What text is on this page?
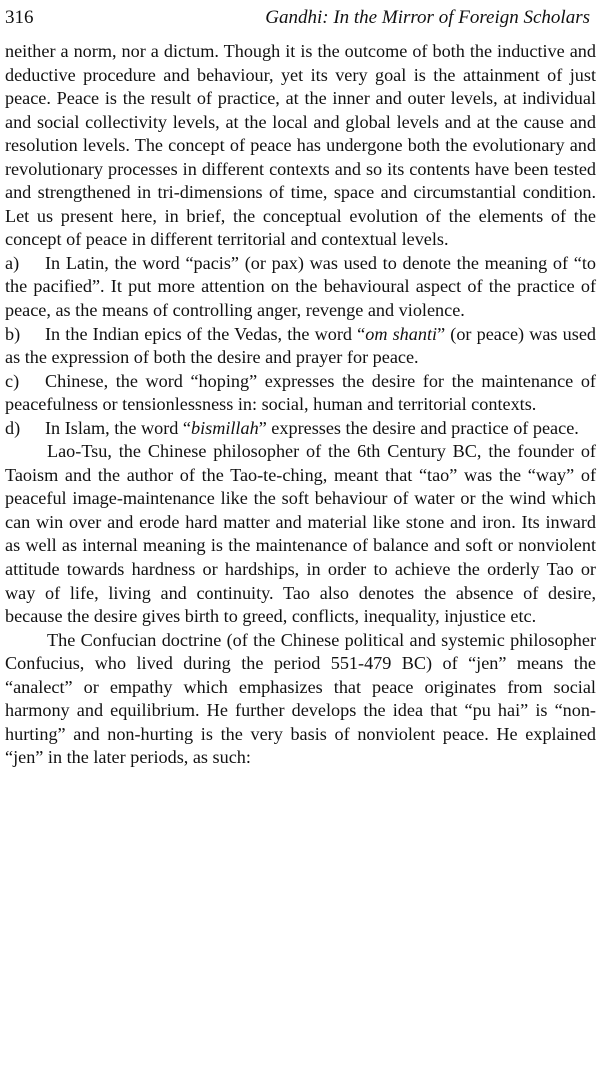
316	Gandhi: In the Mirror of Foreign Scholars

neither a norm, nor a dictum. Though it is the outcome of both the inductive and deductive procedure and behaviour, yet its very goal is the attainment of just peace. Peace is the result of practice, at the inner and outer levels, at individual and social collectivity levels, at the local and global levels and at the cause and resolution levels. The concept of peace has undergone both the evolutionary and revolutionary processes in different contexts and so its contents have been tested and strengthened in tri-dimensions of time, space and circumstantial condition. Let us present here, in brief, the conceptual evolution of the elements of the concept of peace in different territorial and contextual levels.

a) In Latin, the word “pacis” (or pax) was used to denote the meaning of “to the pacified”. It put more attention on the behavioural aspect of the practice of peace, as the means of controlling anger, revenge and violence.

b) In the Indian epics of the Vedas, the word “om shanti” (or peace) was used as the expression of both the desire and prayer for peace.

c) Chinese, the word “hoping” expresses the desire for the maintenance of peacefulness or tensionlessness in: social, human and territorial contexts.

d) In Islam, the word “bismillah” expresses the desire and practice of peace.

Lao-Tsu, the Chinese philosopher of the 6th Century BC, the founder of Taoism and the author of the Tao-te-ching, meant that “tao” was the “way” of peaceful image-maintenance like the soft behaviour of water or the wind which can win over and erode hard matter and material like stone and iron. Its inward as well as internal meaning is the maintenance of balance and soft or nonviolent attitude towards hardness or hardships, in order to achieve the orderly Tao or way of life, living and continuity. Tao also denotes the absence of desire, because the desire gives birth to greed, conflicts, inequality, injustice etc.

The Confucian doctrine (of the Chinese political and systemic philosopher Confucius, who lived during the period 551-479 BC) of “jen” means the “analect” or empathy which emphasizes that peace originates from social harmony and equilibrium. He further develops the idea that “pu hai” is “non-hurting” and non-hurting is the very basis of nonviolent peace. He explained “jen” in the later periods, as such:
